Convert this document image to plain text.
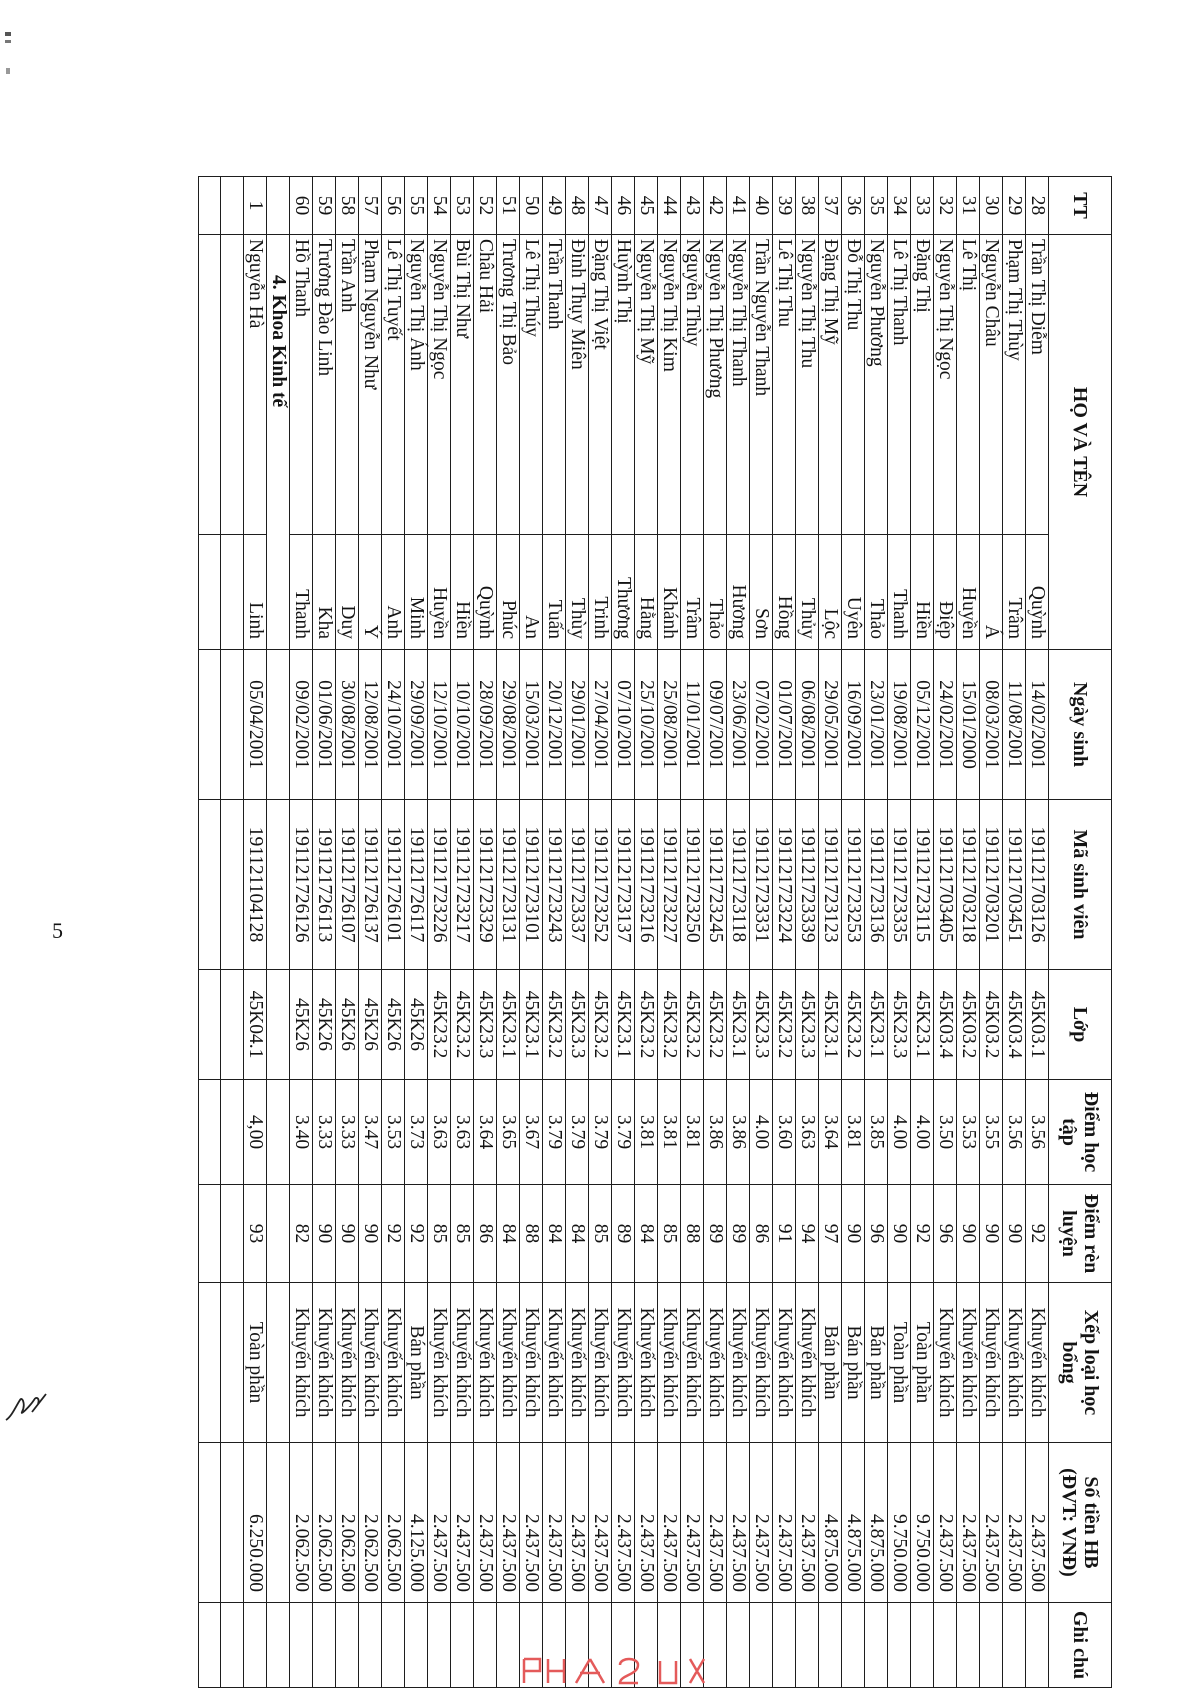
TT	HỌ VÀ TÊN		Ngày sinh	Mã sinh viên	Lớp	Điểm học tập	Điểm rèn luyện	Xếp loại học bổng	Số tiền HB (ĐVT: VNĐ)	Ghi chú
28	Trần Thị Diễm	Quỳnh	14/02/2001	191121703126	45K03.1	3.56	92	Khuyến khích	2.437.500	
29	Phạm Thị Thùy	Trâm	11/08/2001	191121703451	45K03.4	3.56	90	Khuyến khích	2.437.500	
30	Nguyễn Châu	Á	08/03/2001	191121703201	45K03.2	3.55	90	Khuyến khích	2.437.500	
31	Lê Thị	Huyền	15/01/2000	191121703218	45K03.2	3.53	90	Khuyến khích	2.437.500	
32	Nguyễn Thị Ngọc	Điệp	24/02/2001	191121703405	45K03.4	3.50	96	Khuyến khích	2.437.500	
33	Đặng Thị	Hiền	05/12/2001	191121723115	45K23.1	4.00	92	Toàn phần	9.750.000	
34	Lê Thị Thanh	Thanh	19/08/2001	191121723335	45K23.3	4.00	90	Toàn phần	9.750.000	
35	Nguyễn Phương	Thảo	23/01/2001	191121723136	45K23.1	3.85	96	Bán phần	4.875.000	
36	Đỗ Thị Thu	Uyên	16/09/2001	191121723253	45K23.2	3.81	90	Bán phần	4.875.000	
37	Đặng Thị Mỹ	Lộc	29/05/2001	191121723123	45K23.1	3.64	97	Bán phần	4.875.000	
38	Nguyễn Thị Thu	Thủy	06/08/2001	191121723339	45K23.3	3.63	94	Khuyến khích	2.437.500	
39	Lê Thị Thu	Hồng	01/07/2001	191121723224	45K23.2	3.60	91	Khuyến khích	2.437.500	
40	Trần Nguyễn Thanh	Sơn	07/02/2001	191121723331	45K23.3	4.00	86	Khuyến khích	2.437.500	
41	Nguyễn Thị Thanh	Hương	23/06/2001	191121723118	45K23.1	3.86	89	Khuyến khích	2.437.500	
42	Nguyễn Thị Phương	Thảo	09/07/2001	191121723245	45K23.2	3.86	89	Khuyến khích	2.437.500	
43	Nguyễn Thùy	Trâm	11/01/2001	191121723250	45K23.2	3.81	88	Khuyến khích	2.437.500	
44	Nguyễn Thị Kim	Khánh	25/08/2001	191121723227	45K23.2	3.81	85	Khuyến khích	2.437.500	
45	Nguyễn Thị Mỹ	Hằng	25/10/2001	191121723216	45K23.2	3.81	84	Khuyến khích	2.437.500	
46	Huỳnh Thị	Thương	07/10/2001	191121723137	45K23.1	3.79	89	Khuyến khích	2.437.500	
47	Đặng Thị Việt	Trinh	27/04/2001	191121723252	45K23.2	3.79	85	Khuyến khích	2.437.500	
48	Đinh Thụy Miên	Thùy	29/01/2001	191121723337	45K23.3	3.79	84	Khuyến khích	2.437.500	
49	Trần Thanh	Tuấn	20/12/2001	191121723243	45K23.2	3.79	84	Khuyến khích	2.437.500	
50	Lê Thị Thúy	An	15/03/2001	191121723101	45K23.1	3.67	88	Khuyến khích	2.437.500	
51	Trương Thị Bảo	Phúc	29/08/2001	191121723131	45K23.1	3.65	84	Khuyến khích	2.437.500	
52	Châu Hải	Quỳnh	28/09/2001	191121723329	45K23.3	3.64	86	Khuyến khích	2.437.500	
53	Bùi Thị Như	Hiền	10/10/2001	191121723217	45K23.2	3.63	85	Khuyến khích	2.437.500	
54	Nguyễn Thị Ngọc	Huyền	12/10/2001	191121723226	45K23.2	3.63	85	Khuyến khích	2.437.500	
55	Nguyễn Thị Ánh	Minh	29/09/2001	191121726117	45K26	3.73	92	Bán phần	4.125.000	
56	Lê Thị Tuyết	Anh	24/10/2001	191121726101	45K26	3.53	92	Khuyến khích	2.062.500	
57	Phạm Nguyễn Như	Ý	12/08/2001	191121726137	45K26	3.47	90	Khuyến khích	2.062.500	
58	Trần Anh	Duy	30/08/2001	191121726107	45K26	3.33	90	Khuyến khích	2.062.500	
59	Trương Đào Linh	Kha	01/06/2001	191121726113	45K26	3.33	90	Khuyến khích	2.062.500	
60	Hồ Thanh	Thanh	09/02/2001	191121726126	45K26	3.40	82	Khuyến khích	2.062.500	
	4. Khoa Kinh tế									
1	Nguyễn Hà	Linh	05/04/2001	191121104128	45K04.1	4,00	93	Toàn phần	6.250.000	

5
